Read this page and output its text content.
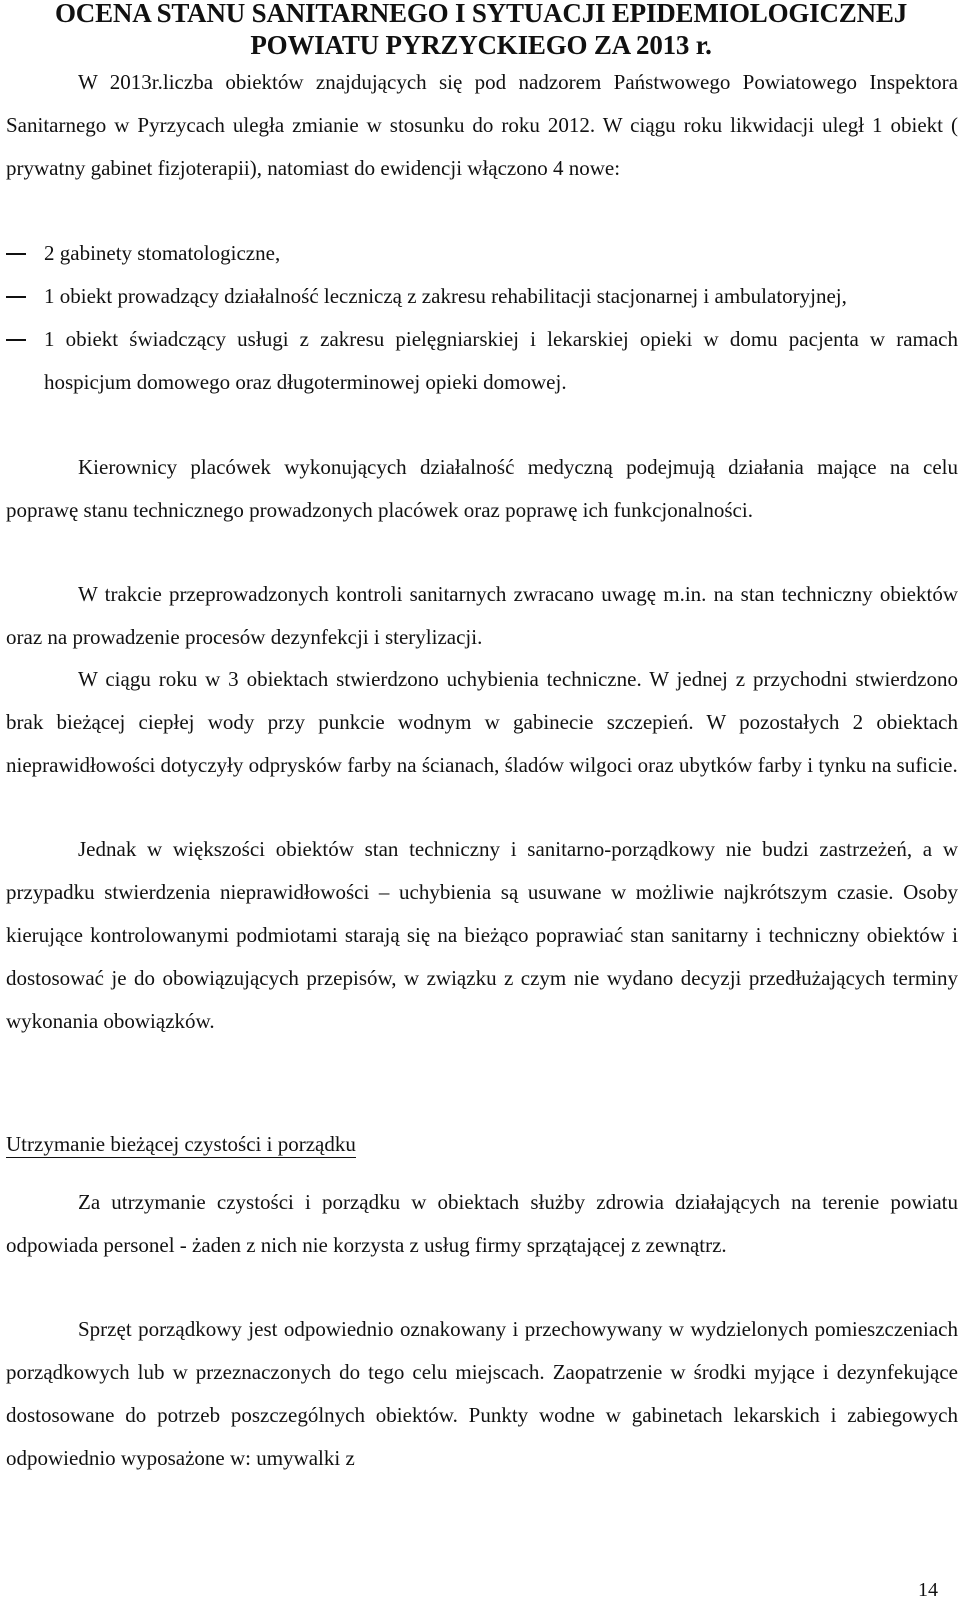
OCENA STANU SANITARNEGO I SYTUACJI EPIDEMIOLOGICZNEJ
POWIATU PYRZYCKIEGO ZA 2013 r.

W 2013r.liczba obiektów znajdujących się pod nadzorem Państwowego Powiatowego Inspektora Sanitarnego w Pyrzycach uległa zmianie w stosunku do roku 2012. W ciągu roku likwidacji uległ 1 obiekt ( prywatny gabinet fizjoterapii), natomiast do ewidencji włączono 4 nowe:

2 gabinety stomatologiczne,
1 obiekt prowadzący działalność leczniczą z zakresu rehabilitacji stacjonarnej i ambulatoryjnej,
1 obiekt świadczący usługi z zakresu pielęgniarskiej i lekarskiej opieki w domu pacjenta w ramach hospicjum domowego oraz długoterminowej opieki domowej.

Kierownicy placówek wykonujących działalność medyczną podejmują działania mające na celu poprawę stanu technicznego prowadzonych placówek oraz poprawę ich funkcjonalności.

W trakcie przeprowadzonych kontroli sanitarnych zwracano uwagę m.in. na stan techniczny obiektów oraz na prowadzenie procesów dezynfekcji i sterylizacji.

W ciągu roku w 3 obiektach stwierdzono uchybienia techniczne. W jednej z przychodni stwierdzono brak bieżącej ciepłej wody przy punkcie wodnym w gabinecie szczepień. W pozostałych 2 obiektach nieprawidłowości dotyczyły odprysków farby na ścianach, śladów wilgoci oraz ubytków farby i tynku na suficie.

Jednak w większości obiektów stan techniczny i sanitarno-porządkowy nie budzi zastrzeżeń, a w przypadku stwierdzenia nieprawidłowości – uchybienia są usuwane w możliwie najkrótszym czasie. Osoby kierujące kontrolowanymi podmiotami starają się na bieżąco poprawiać stan sanitarny i techniczny obiektów i dostosować je do obowiązujących przepisów, w związku z czym nie wydano decyzji przedłużających terminy wykonania obowiązków.

Utrzymanie bieżącej czystości i porządku

Za utrzymanie czystości i porządku w obiektach służby zdrowia działających na terenie powiatu odpowiada personel - żaden z nich nie korzysta z usług firmy sprzątającej z zewnątrz.

Sprzęt porządkowy jest odpowiednio oznakowany i przechowywany w wydzielonych pomieszczeniach porządkowych lub w przeznaczonych do tego celu miejscach. Zaopatrzenie w środki myjące i dezynfekujące dostosowane do potrzeb poszczególnych obiektów. Punkty wodne w gabinetach lekarskich i zabiegowych odpowiednio wyposażone w: umywalki z

14
